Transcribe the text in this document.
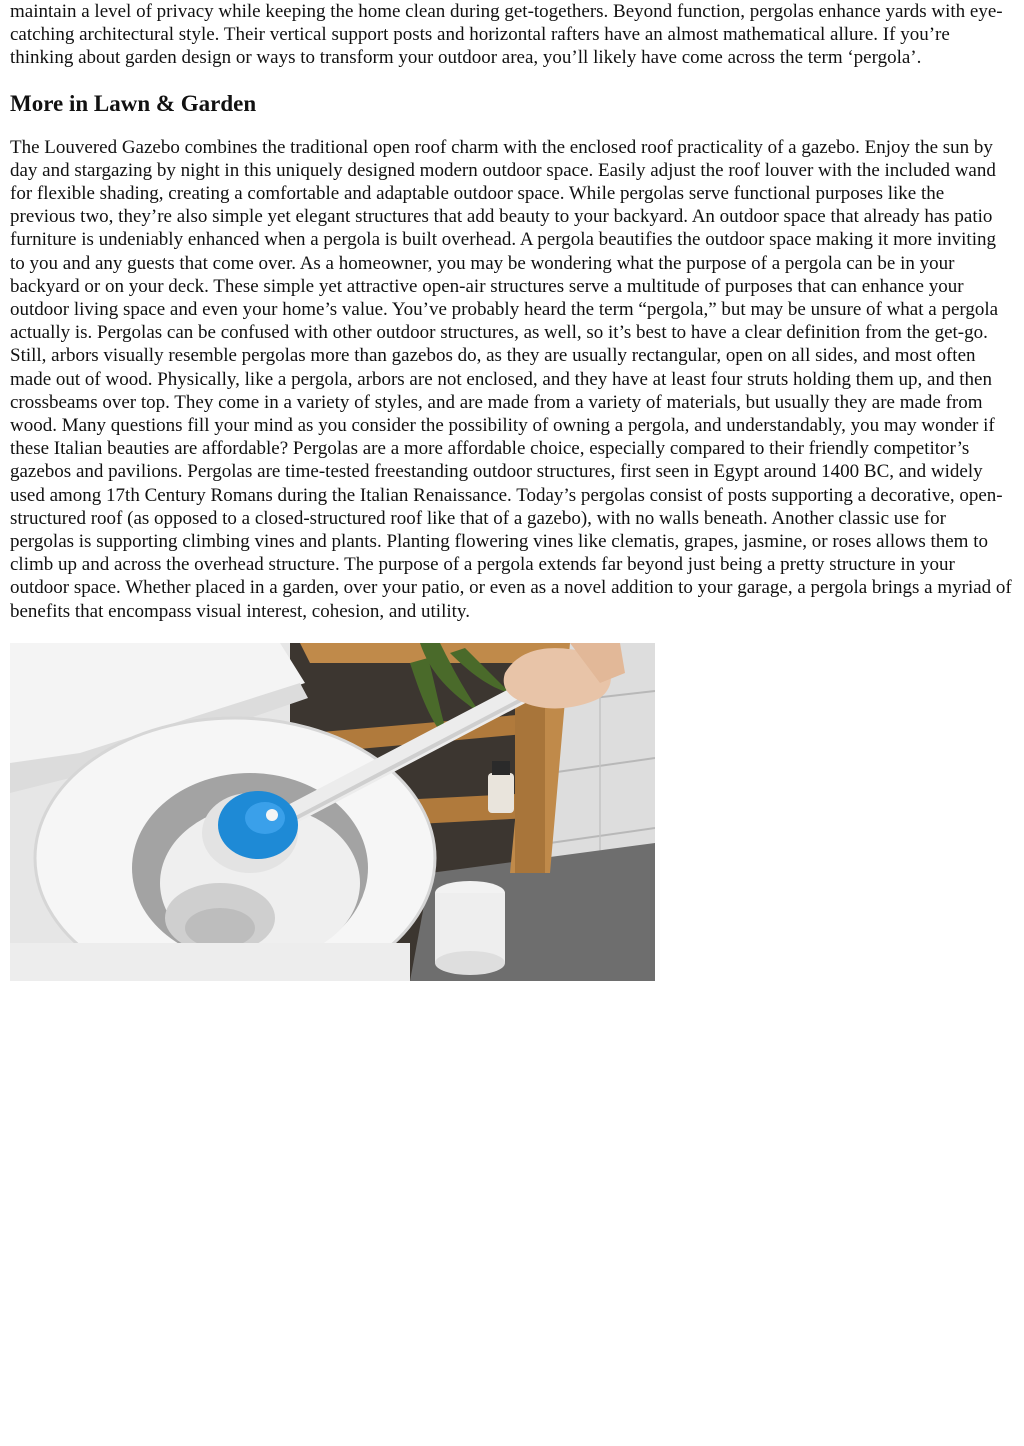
maintain a level of privacy while keeping the home clean during get-togethers. Beyond function, pergolas enhance yards with eye-catching architectural style. Their vertical support posts and horizontal rafters have an almost mathematical allure. If you’re thinking about garden design or ways to transform your outdoor area, you’ll likely have come across the term ‘pergola’.

More in Lawn & Garden

The Louvered Gazebo combines the traditional open roof charm with the enclosed roof practicality of a gazebo. Enjoy the sun by day and stargazing by night in this uniquely designed modern outdoor space. Easily adjust the roof louver with the included wand for flexible shading, creating a comfortable and adaptable outdoor space. While pergolas serve functional purposes like the previous two, they’re also simple yet elegant structures that add beauty to your backyard. An outdoor space that already has patio furniture is undeniably enhanced when a pergola is built overhead. A pergola beautifies the outdoor space making it more inviting to you and any guests that come over. As a homeowner, you may be wondering what the purpose of a pergola can be in your backyard or on your deck. These simple yet attractive open-air structures serve a multitude of purposes that can enhance your outdoor living space and even your home’s value. You’ve probably heard the term “pergola,” but may be unsure of what a pergola actually is. Pergolas can be confused with other outdoor structures, as well, so it’s best to have a clear definition from the get-go. Still, arbors visually resemble pergolas more than gazebos do, as they are usually rectangular, open on all sides, and most often made out of wood. Physically, like a pergola, arbors are not enclosed, and they have at least four struts holding them up, and then crossbeams over top. They come in a variety of styles, and are made from a variety of materials, but usually they are made from wood. Many questions fill your mind as you consider the possibility of owning a pergola, and understandably, you may wonder if these Italian beauties are affordable? Pergolas are a more affordable choice, especially compared to their friendly competitor’s gazebos and pavilions. Pergolas are time-tested freestanding outdoor structures, first seen in Egypt around 1400 BC, and widely used among 17th Century Romans during the Italian Renaissance. Today’s pergolas consist of posts supporting a decorative, open-structured roof (as opposed to a closed-structured roof like that of a gazebo), with no walls beneath. Another classic use for pergolas is supporting climbing vines and plants. Planting flowering vines like clematis, grapes, jasmine, or roses allows them to climb up and across the overhead structure. The purpose of a pergola extends far beyond just being a pretty structure in your outdoor space. Whether placed in a garden, over your patio, or even as a novel addition to your garage, a pergola brings a myriad of benefits that encompass visual interest, cohesion, and utility.
